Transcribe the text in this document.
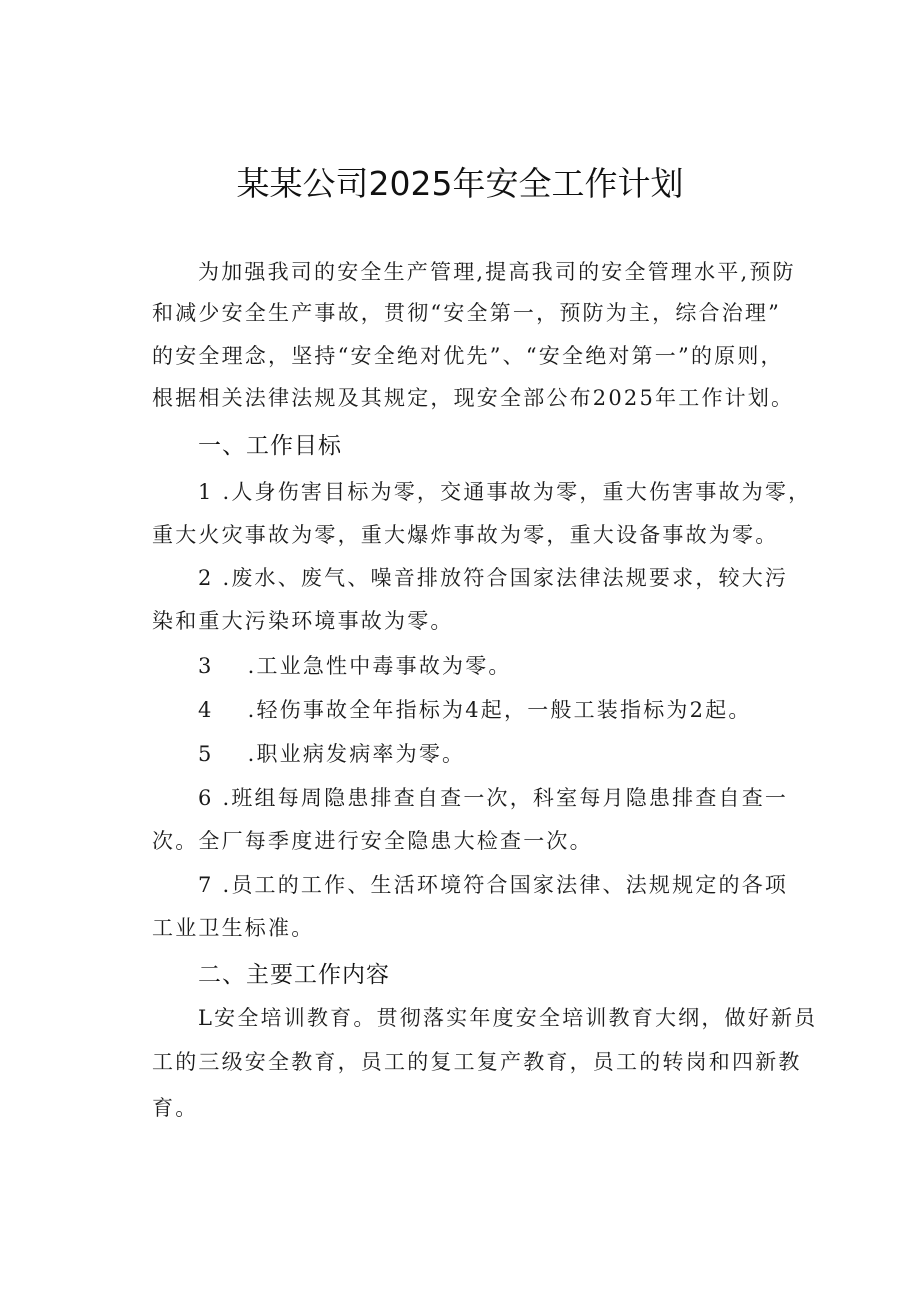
某某公司2025年安全工作计划

为加强我司的安全生产管理,提高我司的安全管理水平,预防

和减少安全生产事故，贯彻“安全第一，预防为主，综合治理”

的安全理念，坚持“安全绝对优先”、“安全绝对第一”的原则，

根据相关法律法规及其规定，现安全部公布2025年工作计划。

一、工作目标

1 .人身伤害目标为零，交通事故为零，重大伤害事故为零，

重大火灾事故为零，重大爆炸事故为零，重大设备事故为零。

2 .废水、废气、噪音排放符合国家法律法规要求，较大污

染和重大污染环境事故为零。

3 .工业急性中毒事故为零。

4 .轻伤事故全年指标为4起，一般工装指标为2起。

5 .职业病发病率为零。

6 .班组每周隐患排查自查一次，科室每月隐患排查自查一

次。全厂每季度进行安全隐患大检查一次。

7 .员工的工作、生活环境符合国家法律、法规规定的各项

工业卫生标准。

二、主要工作内容

L安全培训教育。贯彻落实年度安全培训教育大纲，做好新员

工的三级安全教育，员工的复工复产教育，员工的转岗和四新教

育。
